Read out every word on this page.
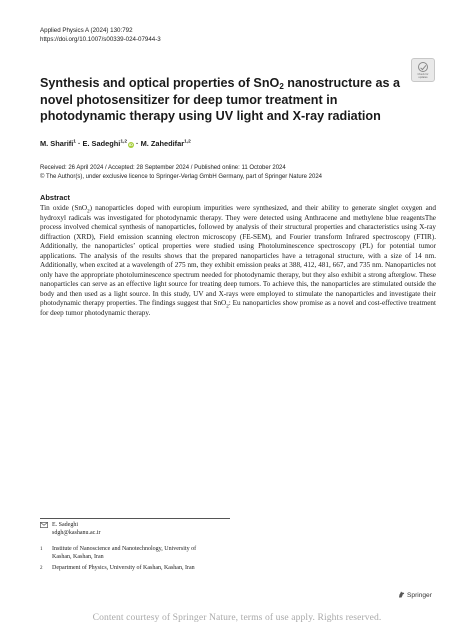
Applied Physics A (2024) 130:792
https://doi.org/10.1007/s00339-024-07944-3
Check for
updates
Synthesis and optical properties of SnO$_2$ nanostructure as a novel photosensitizer for deep tumor treatment in photodynamic therapy using UV light and X-ray radiation
M. Sharifi$^1$ · E. Sadeghi$^{1,2}$ iD · M. Zahedifar$^{1,2}$
Received: 26 April 2024 / Accepted: 28 September 2024 / Published online: 11 October 2024
© The Author(s), under exclusive licence to Springer-Verlag GmbH Germany, part of Springer Nature 2024
Abstract
Tin oxide (SnO$_2$) nanoparticles doped with europium impurities were synthesized, and their ability to generate singlet oxygen and hydroxyl radicals was investigated for photodynamic therapy. They were detected using Anthracene and methylene blue reagentsThe process involved chemical synthesis of nanoparticles, followed by analysis of their structural properties and characteristics using X-ray diffraction (XRD), Field emission scanning electron microscopy (FE-SEM), and Fourier transform Infrared spectroscopy (FTIR). Additionally, the nanoparticles’ optical properties were studied using Photoluminescence spectroscopy (PL) for potential tumor applications. The analysis of the results shows that the prepared nanoparticles have a tetragonal structure, with a size of 14 nm. Additionally, when excited at a wavelength of 275 nm, they exhibit emission peaks at 388, 412, 481, 667, and 735 nm. Nanoparticles not only have the appropriate photoluminescence spectrum needed for photodynamic therapy, but they also exhibit a strong afterglow. These nanoparticles can serve as an effective light source for treating deep tumors. To achieve this, the nanoparticles are stimulated outside the body and then used as a light source. In this study, UV and X-rays were employed to stimulate the nanoparticles and investigate their photodynamic therapy properties. The findings suggest that SnO$_2$: Eu nanoparticles show promise as a novel and cost-effective treatment for deep tumor photodynamic therapy.
E. Sadeghi
sdgh@kashanu.ac.ir
1 Institute of Nanoscience and Nanotechnology, University of
Kashan, Kashan, Iran
2 Department of Physics, University of Kashan, Kashan, Iran
Springer
Content courtesy of Springer Nature, terms of use apply. Rights reserved.
